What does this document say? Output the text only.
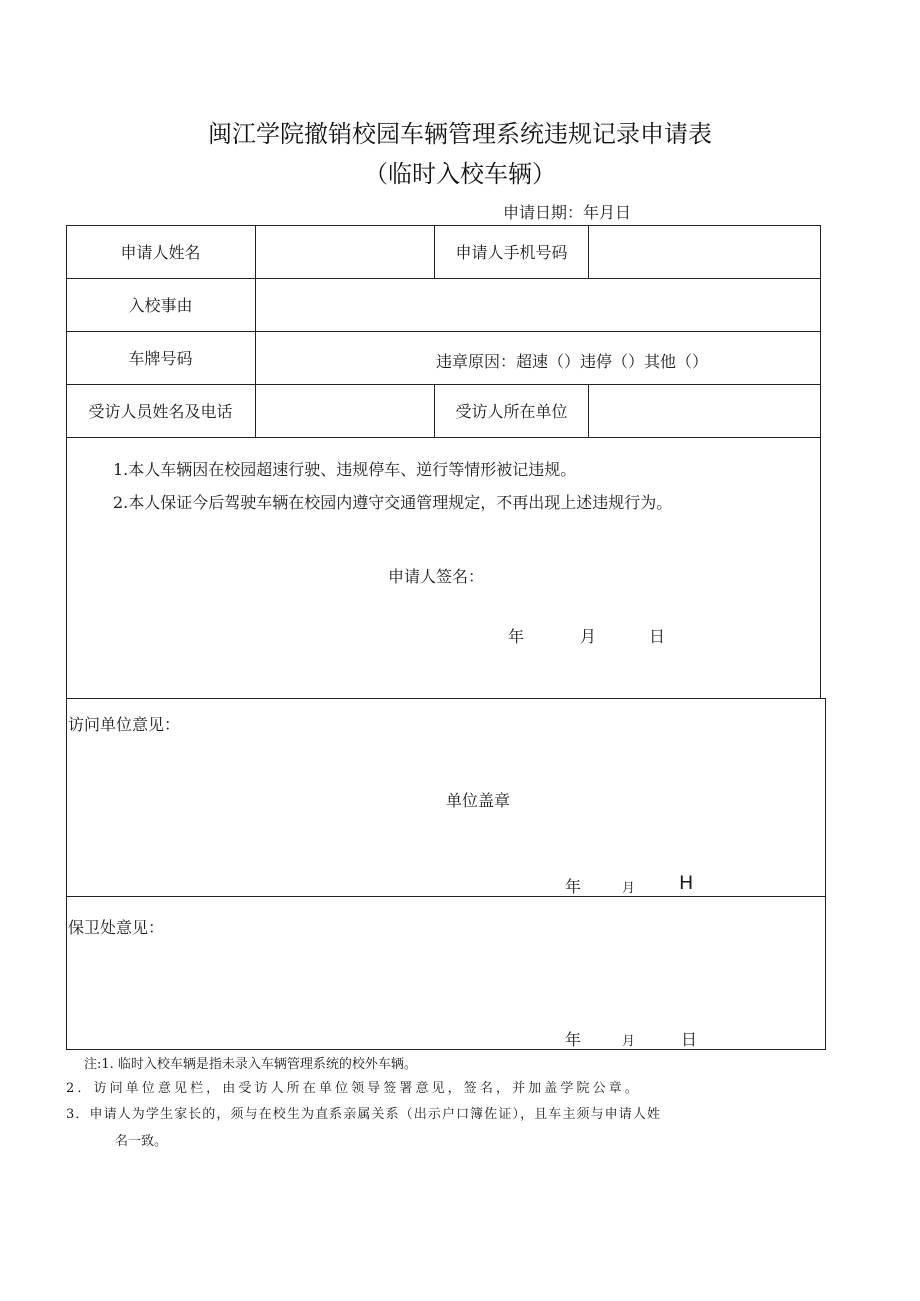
闽江学院撤销校园车辆管理系统违规记录申请表
（临时入校车辆）
申请日期：年月日
申请人姓名	申请人手机号码
入校事由
车牌号码	违章原因：超速（）违停（）其他（）
受访人员姓名及电话	受访人所在单位
1.本人车辆因在校园超速行驶、违规停车、逆行等情形被记违规。
2.本人保证今后驾驶车辆在校园内遵守交通管理规定，不再出现上述违规行为。
申请人签名：
年	月	日
访问单位意见：
单位盖章
年	月 H
保卫处意见：
年	月	日
注:1. 临时入校车辆是指未录入车辆管理系统的校外车辆。
2．访问单位意见栏，由受访人所在单位领导签署意见，签名，并加盖学院公章。
3．申请人为学生家长的，须与在校生为直系亲属关系（出示户口簿佐证），且车主须与申请人姓
名一致。
